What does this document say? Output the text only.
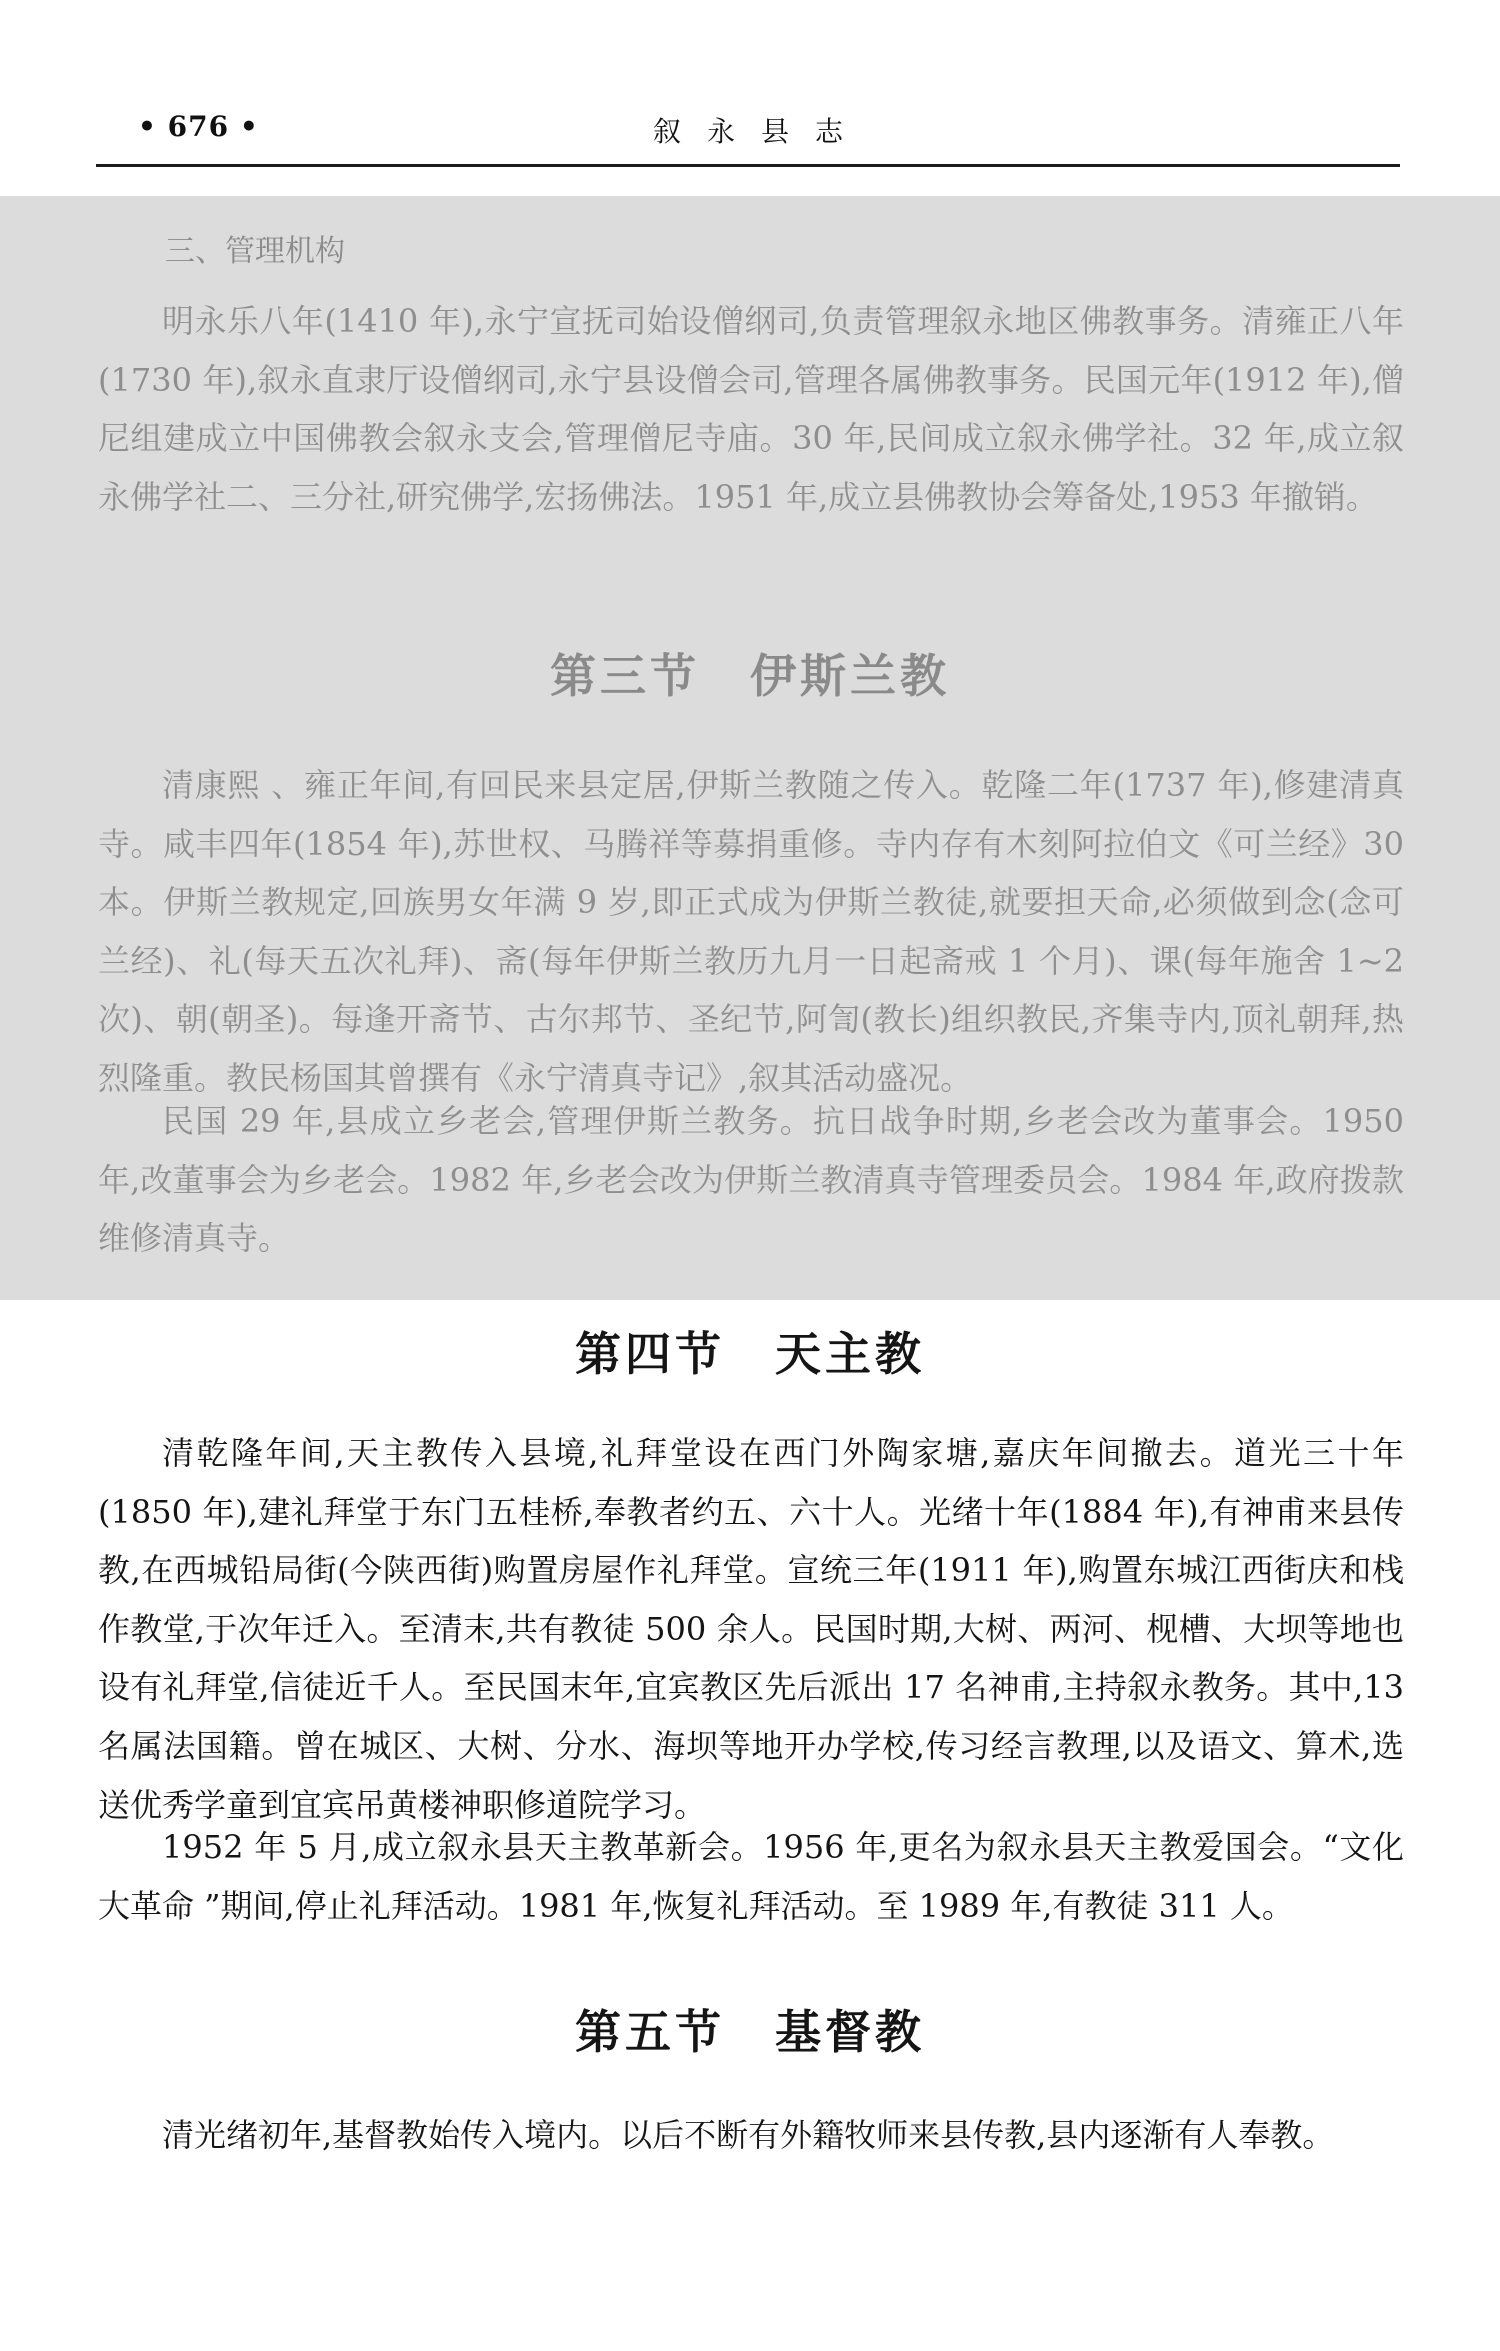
• 676 •	叙永县志
三、管理机构

明永乐八年(1410 年),永宁宣抚司始设僧纲司,负责管理叙永地区佛教事务。清雍正八年(1730 年),叙永直隶厅设僧纲司,永宁县设僧会司,管理各属佛教事务。民国元年(1912 年),僧尼组建成立中国佛教会叙永支会,管理僧尼寺庙。30 年,民间成立叙永佛学社。32 年,成立叙永佛学社二、三分社,研究佛学,宏扬佛法。1951 年,成立县佛教协会筹备处,1953 年撤销。

第三节　伊斯兰教

清康熙 、雍正年间,有回民来县定居,伊斯兰教随之传入。乾隆二年(1737 年),修建清真寺。咸丰四年(1854 年),苏世权、马腾祥等募捐重修。寺内存有木刻阿拉伯文《可兰经》30 本。伊斯兰教规定,回族男女年满 9 岁,即正式成为伊斯兰教徒,就要担天命,必须做到念(念可兰经)、礼(每天五次礼拜)、斋(每年伊斯兰教历九月一日起斋戒 1 个月)、课(每年施舍 1~2 次)、朝(朝圣)。每逢开斋节、古尔邦节、圣纪节,阿訇(教长)组织教民,齐集寺内,顶礼朝拜,热烈隆重。教民杨国其曾撰有《永宁清真寺记》,叙其活动盛况。

民国 29 年,县成立乡老会,管理伊斯兰教务。抗日战争时期,乡老会改为董事会。1950 年,改董事会为乡老会。1982 年,乡老会改为伊斯兰教清真寺管理委员会。1984 年,政府拨款维修清真寺。

第四节　天主教

清乾隆年间,天主教传入县境,礼拜堂设在西门外陶家塘,嘉庆年间撤去。道光三十年(1850 年),建礼拜堂于东门五桂桥,奉教者约五、六十人。光绪十年(1884 年),有神甫来县传教,在西城铅局街(今陕西街)购置房屋作礼拜堂。宣统三年(1911 年),购置东城江西街庆和栈作教堂,于次年迁入。至清末,共有教徒 500 余人。民国时期,大树、两河、枧槽、大坝等地也设有礼拜堂,信徒近千人。至民国末年,宜宾教区先后派出 17 名神甫,主持叙永教务。其中,13 名属法国籍。曾在城区、大树、分水、海坝等地开办学校,传习经言教理,以及语文、算术,选送优秀学童到宜宾吊黄楼神职修道院学习。

1952 年 5 月,成立叙永县天主教革新会。1956 年,更名为叙永县天主教爱国会。“文化大革命 ”期间,停止礼拜活动。1981 年,恢复礼拜活动。至 1989 年,有教徒 311 人。

第五节　基督教

清光绪初年,基督教始传入境内。以后不断有外籍牧师来县传教,县内逐渐有人奉教。
